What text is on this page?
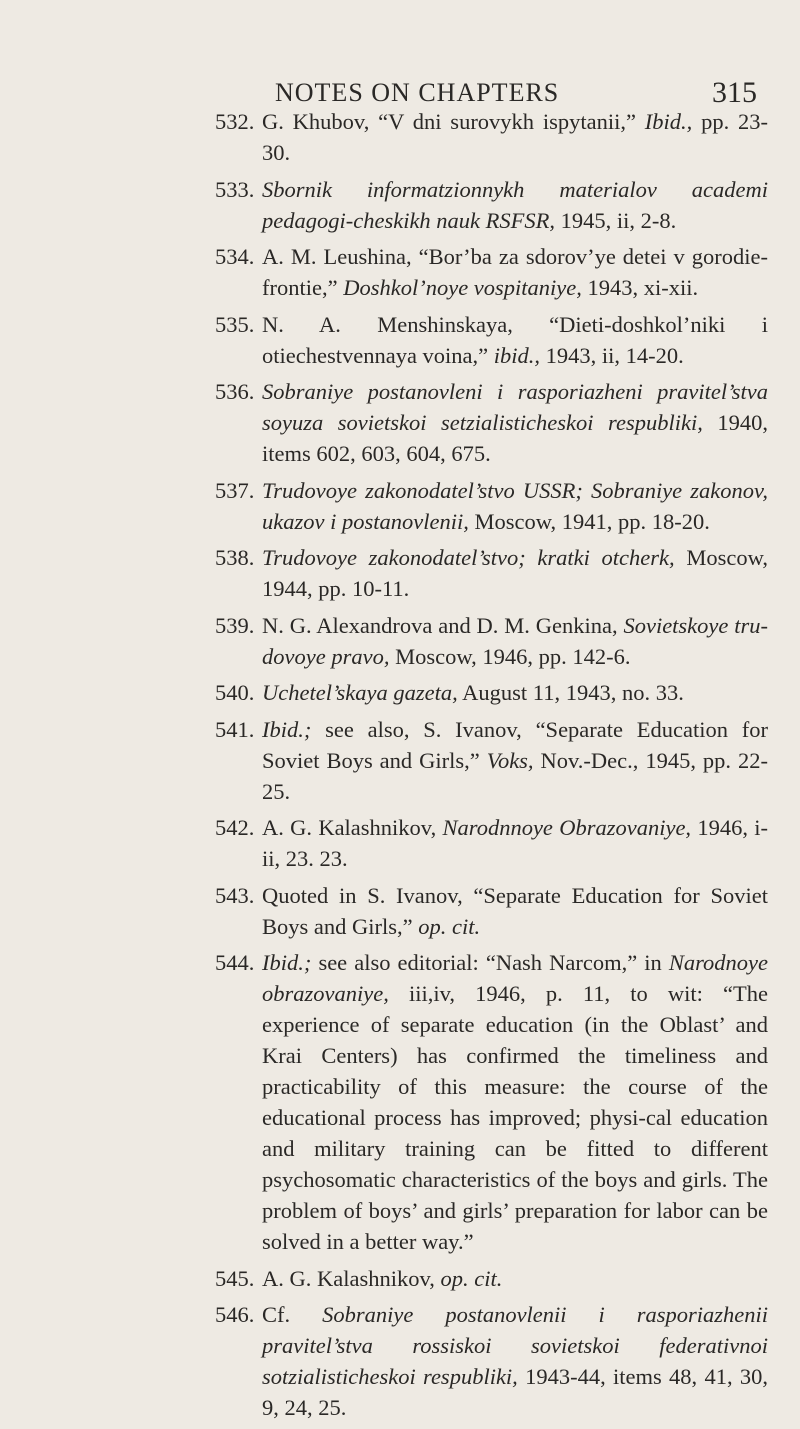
NOTES ON CHAPTERS	315
532. G. Khubov, “V dni surovykh ispytanii,” Ibid., pp. 23-30.
533. Sbornik informatzionnykh materialov academi pedagogi-cheskikh nauk RSFSR, 1945, ii, 2-8.
534. A. M. Leushina, “Bor’ba za sdorov’ye detei v gorodie-frontie,” Doshkol’noye vospitaniye, 1943, xi-xii.
535. N. A. Menshinskaya, “Dieti-doshkol’niki i otiechestvennaya voina,” ibid., 1943, ii, 14-20.
536. Sobraniye postanovleni i rasporiazheni pravitel’stva soyuza sovietskoi setzialisticheskoi respubliki, 1940, items 602, 603, 604, 675.
537. Trudovoye zakonodatel’stvo USSR; Sobraniye zakonov, ukazov i postanovlenii, Moscow, 1941, pp. 18-20.
538. Trudovoye zakonodatel’stvo; kratki otcherk, Moscow, 1944, pp. 10-11.
539. N. G. Alexandrova and D. M. Genkina, Sovietskoye tru-dovoye pravo, Moscow, 1946, pp. 142-6.
540. Uchetel’skaya gazeta, August 11, 1943, no. 33.
541. Ibid.; see also, S. Ivanov, “Separate Education for Soviet Boys and Girls,” Voks, Nov.-Dec., 1945, pp. 22-25.
542. A. G. Kalashnikov, Narodnnoye Obrazovaniye, 1946, i-ii, 23. 23.
543. Quoted in S. Ivanov, “Separate Education for Soviet Boys and Girls,” op. cit.
544. Ibid.; see also editorial: “Nash Narcom,” in Narodnoye obrazovaniye, iii,iv, 1946, p. 11, to wit: “The experience of separate education (in the Oblast’ and Krai Centers) has confirmed the timeliness and practicability of this measure: the course of the educational process has improved; physi-cal education and military training can be fitted to different psychosomatic characteristics of the boys and girls. The problem of boys’ and girls’ preparation for labor can be solved in a better way.”
545. A. G. Kalashnikov, op. cit.
546. Cf. Sobraniye postanovlenii i rasporiazhenii pravitel’stva rossiskoi sovietskoi federativnoi sotzialisticheskoi respubliki, 1943-44, items 48, 41, 30, 9, 24, 25.
